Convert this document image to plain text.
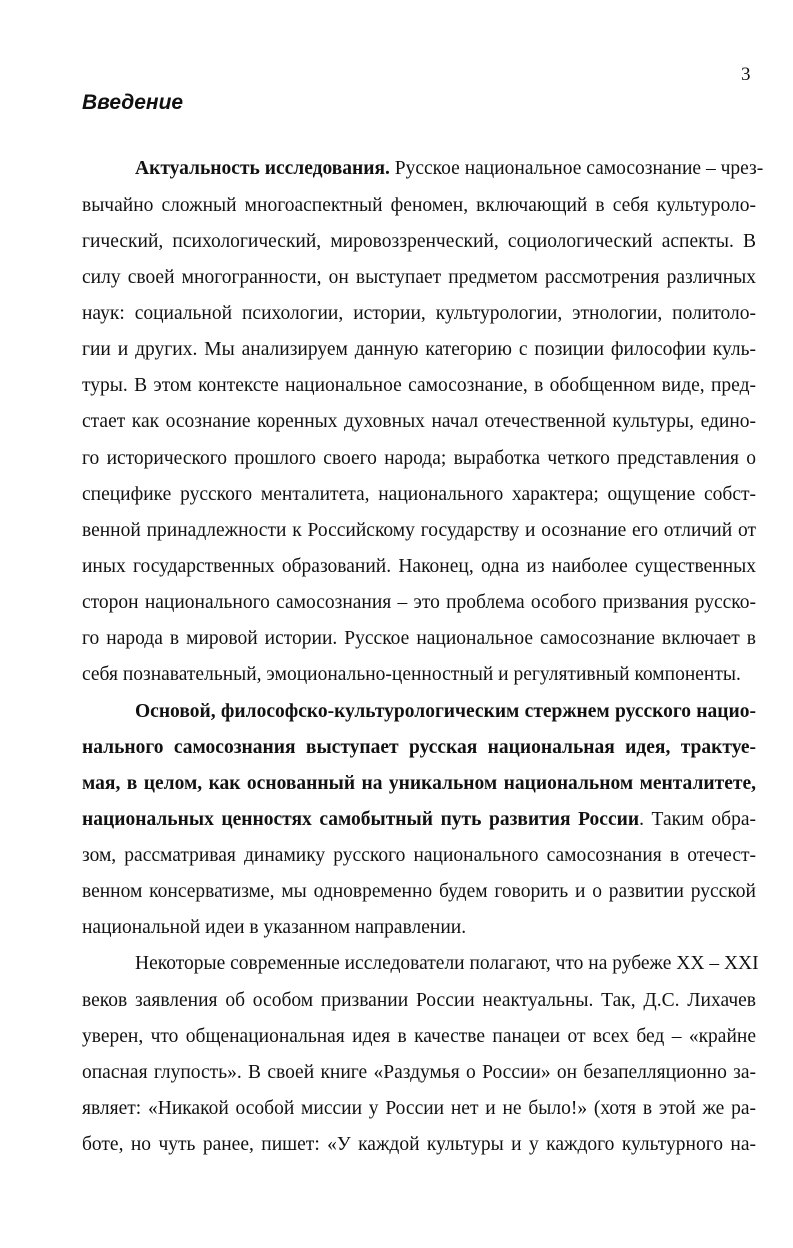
3
Введение

Актуальность исследования. Русское национальное самосознание – чрез-

вычайно сложный многоаспектный феномен, включающий в себя культуроло-

гический, психологический, мировоззренческий, социологический аспекты. В

силу своей многогранности, он выступает предметом рассмотрения различных

наук: социальной психологии, истории, культурологии, этнологии, политоло-

гии и других. Мы анализируем данную категорию с позиции философии куль-

туры. В этом контексте национальное самосознание, в обобщенном виде, пред-

стает как осознание коренных духовных начал отечественной культуры, едино-

го исторического прошлого своего народа; выработка четкого представления о

специфике русского менталитета, национального характера; ощущение собст-

венной принадлежности к Российскому государству и осознание его отличий от

иных государственных образований. Наконец, одна из наиболее существенных

сторон национального самосознания – это проблема особого призвания русско-

го народа в мировой истории. Русское национальное самосознание включает в

себя познавательный, эмоционально-ценностный и регулятивный компоненты.

Основой, философско-культурологическим стержнем русского нацио-

нального самосознания выступает русская национальная идея, трактуе-

мая, в целом, как основанный на уникальном национальном менталитете,

национальных ценностях самобытный путь развития России. Таким обра-

зом, рассматривая динамику русского национального самосознания в отечест-

венном консерватизме, мы одновременно будем говорить и о развитии русской

национальной идеи в указанном направлении.

Некоторые современные исследователи полагают, что на рубеже XX – XXI

веков заявления об особом призвании России неактуальны. Так, Д.С. Лихачев

уверен, что общенациональная идея в качестве панацеи от всех бед – «крайне

опасная глупость». В своей книге «Раздумья о России» он безапелляционно за-

являет: «Никакой особой миссии у России нет и не было!» (хотя в этой же ра-

боте, но чуть ранее, пишет: «У каждой культуры и у каждого культурного на-
